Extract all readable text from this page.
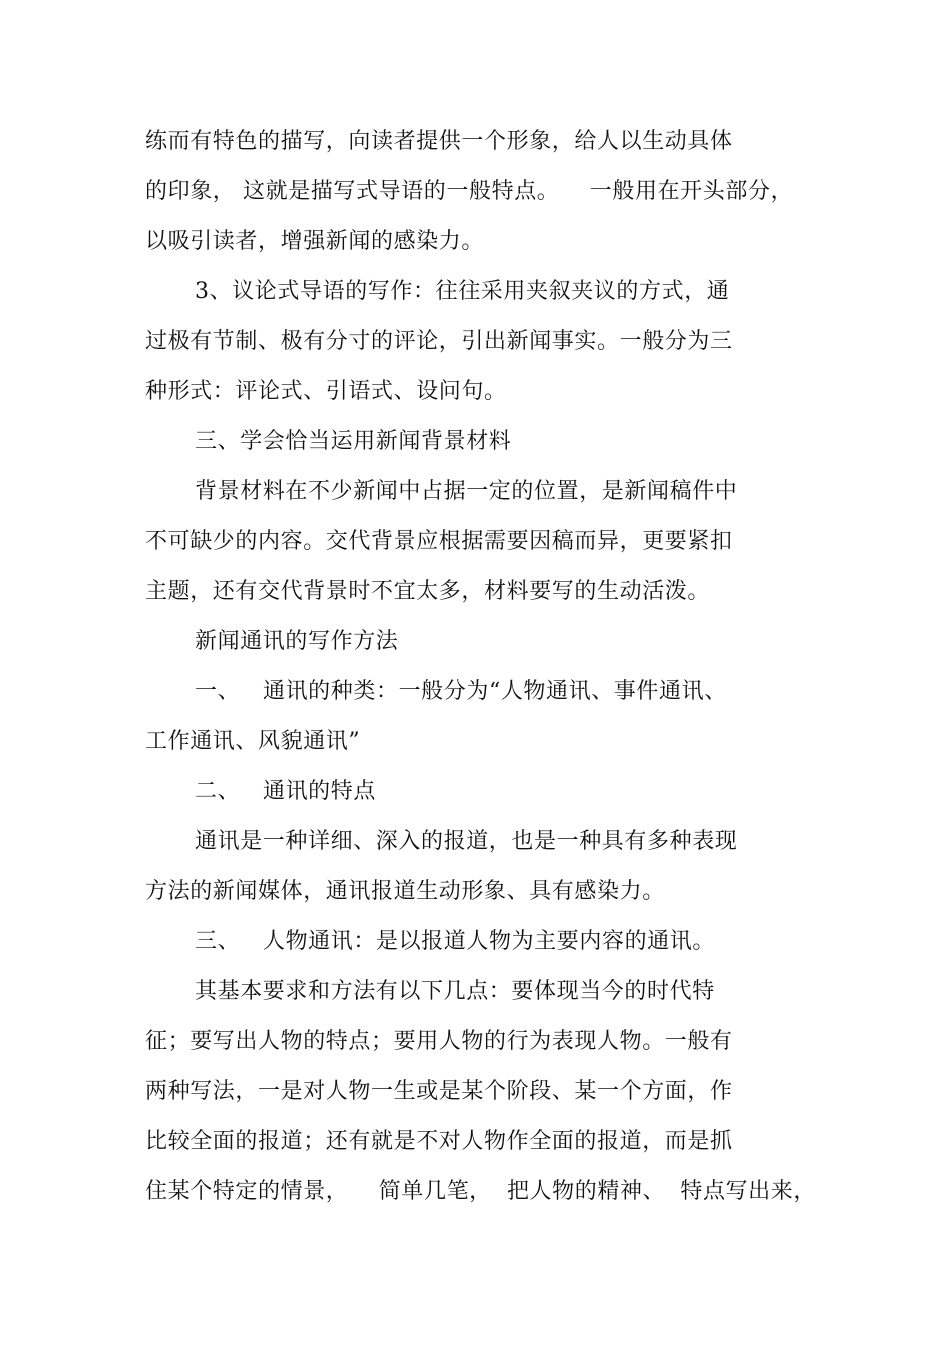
练而有特色的描写，向读者提供一个形象，给人以生动具体
的印象， 这就是描写式导语的一般特点。    一般用在开头部分，
以吸引读者，增强新闻的感染力。
3、议论式导语的写作：往往采用夹叙夹议的方式，通
过极有节制、极有分寸的评论，引出新闻事实。一般分为三
种形式：评论式、引语式、设问句。
三、学会恰当运用新闻背景材料
背景材料在不少新闻中占据一定的位置，是新闻稿件中
不可缺少的内容。交代背景应根据需要因稿而异，更要紧扣
主题，还有交代背景时不宜太多，材料要写的生动活泼。
新闻通讯的写作方法
一、   通讯的种类：一般分为“人物通讯、事件通讯、
工作通讯、风貌通讯”
二、   通讯的特点
通讯是一种详细、深入的报道，也是一种具有多种表现
方法的新闻媒体，通讯报道生动形象、具有感染力。
三、   人物通讯：是以报道人物为主要内容的通讯。
其基本要求和方法有以下几点：要体现当今的时代特
征；要写出人物的特点；要用人物的行为表现人物。一般有
两种写法，一是对人物一生或是某个阶段、某一个方面，作
比较全面的报道；还有就是不对人物作全面的报道，而是抓
住某个特定的情景，    简单几笔，  把人物的精神、  特点写出来，
